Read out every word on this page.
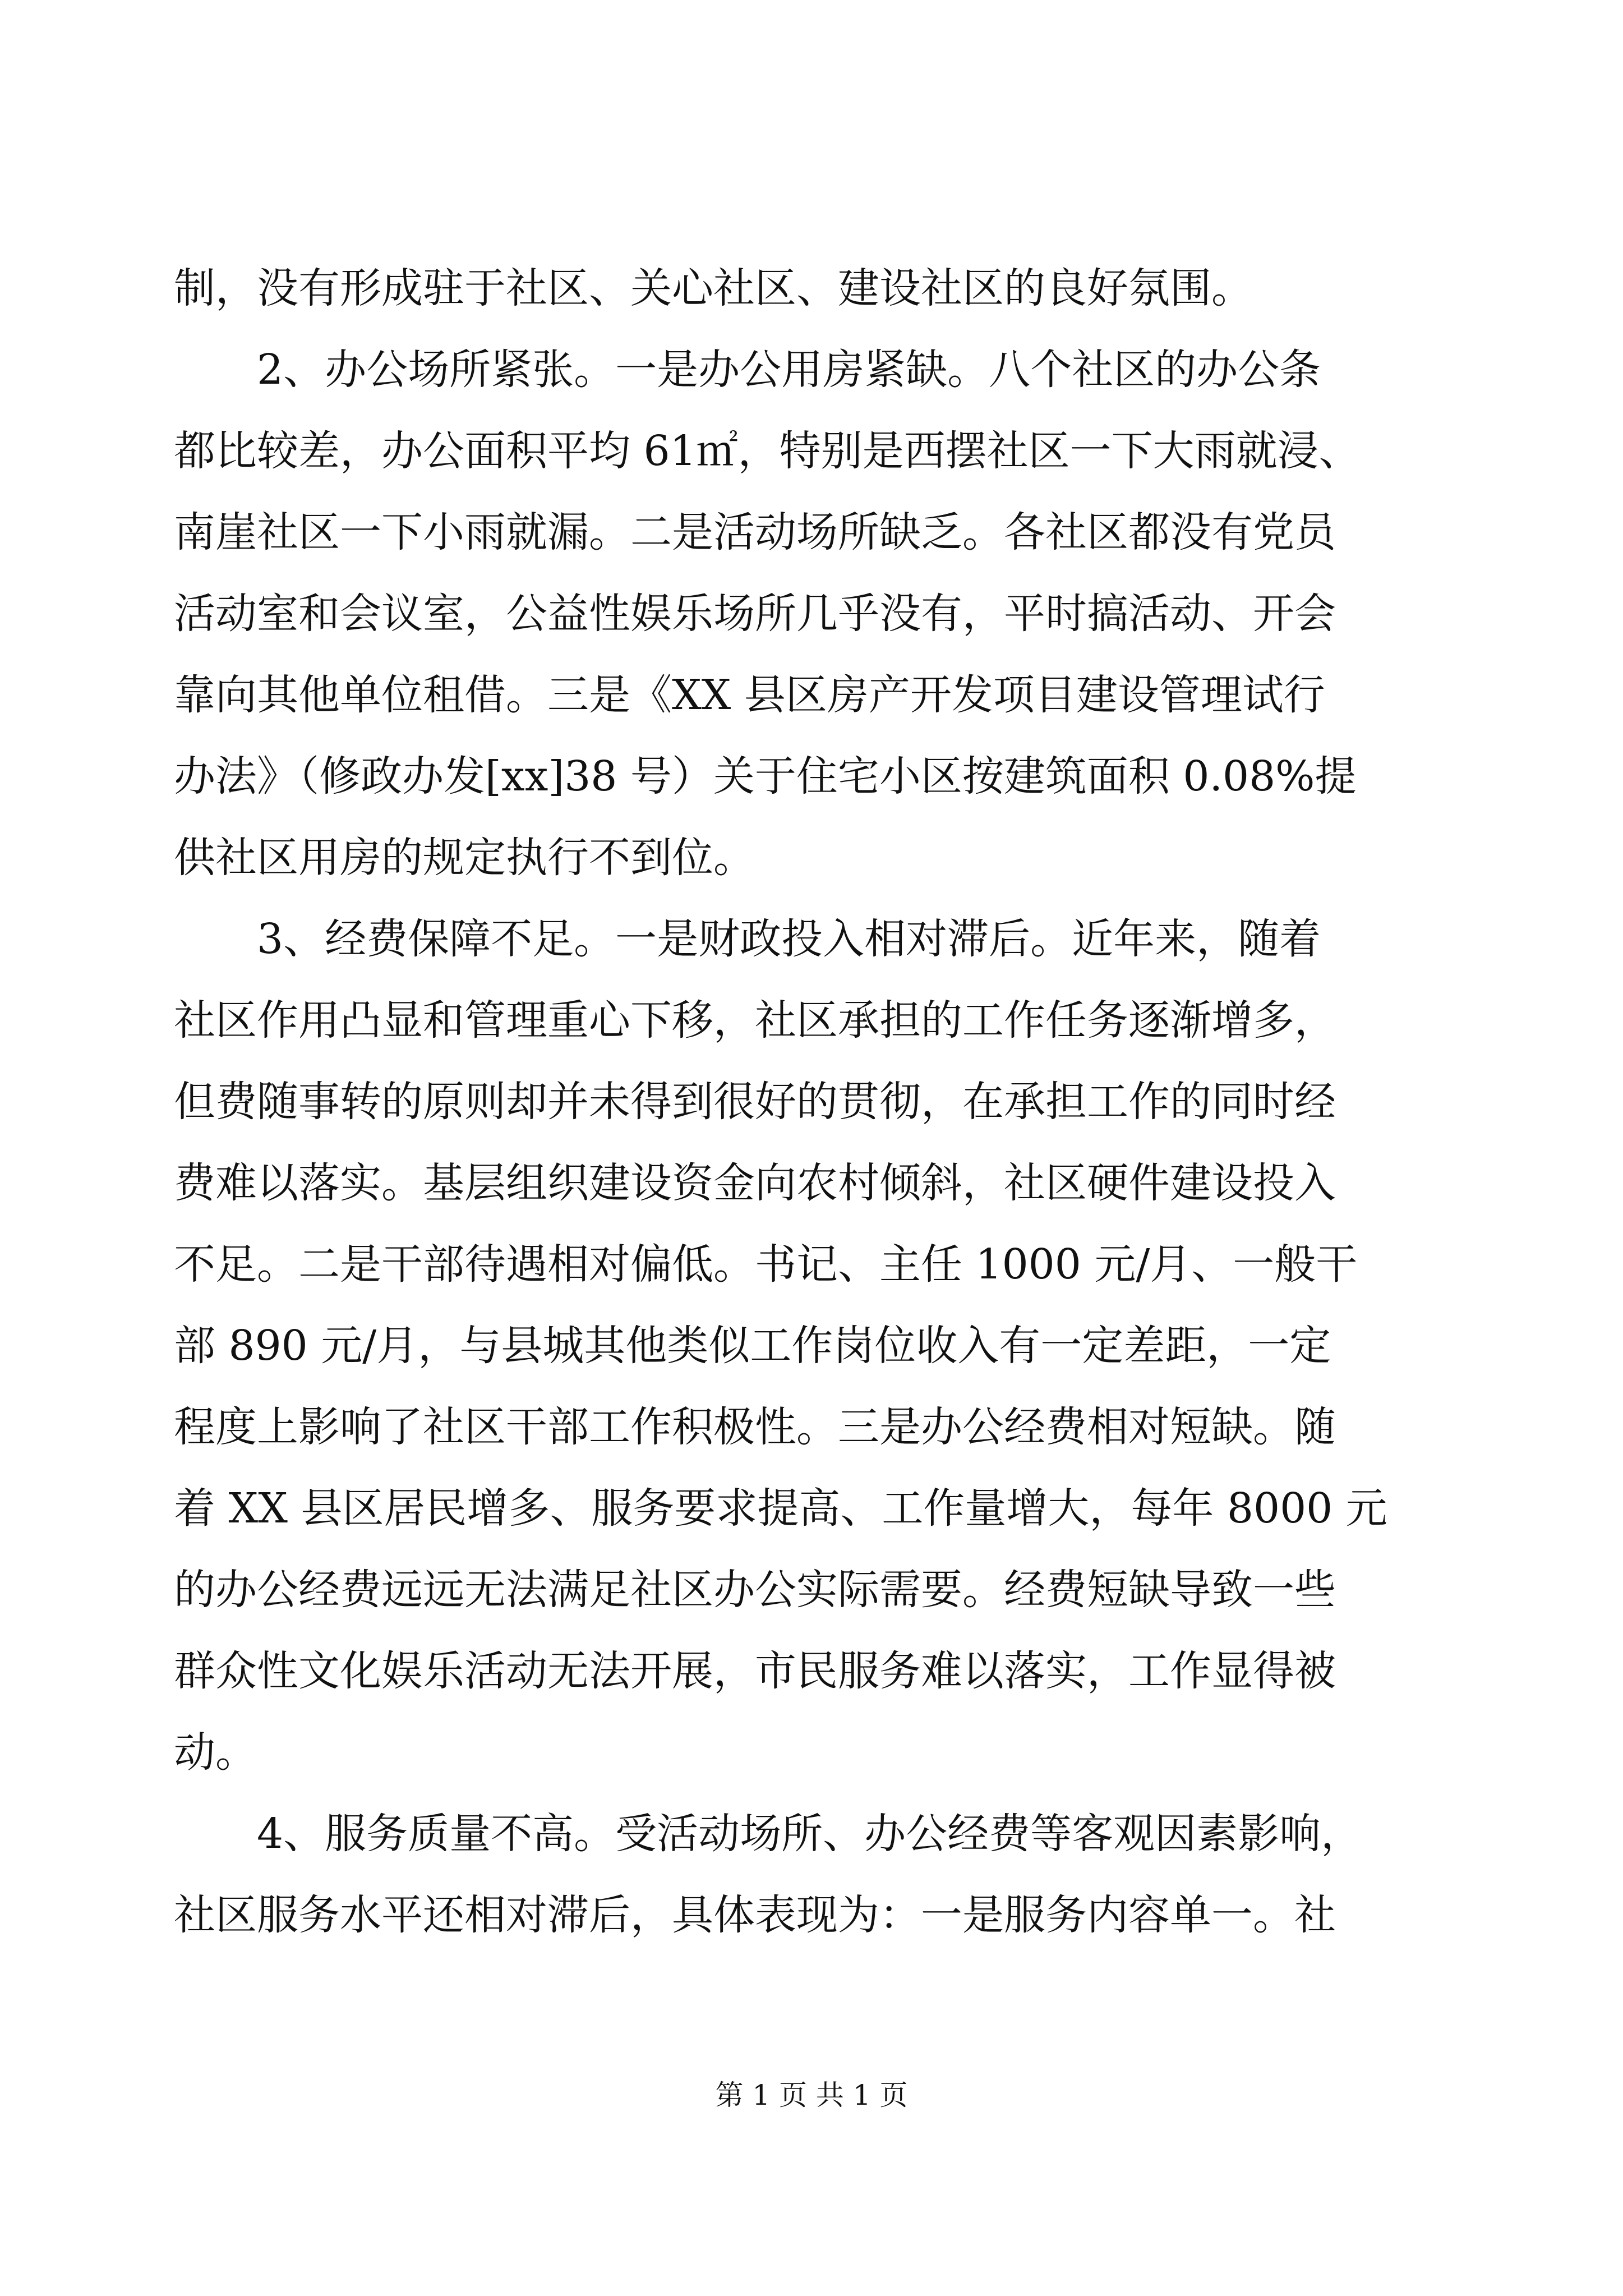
制，没有形成驻于社区、关心社区、建设社区的良好氛围。
2、办公场所紧张。一是办公用房紧缺。八个社区的办公条
都比较差，办公面积平均 61㎡，特别是西摆社区一下大雨就浸、
南崖社区一下小雨就漏。二是活动场所缺乏。各社区都没有党员
活动室和会议室，公益性娱乐场所几乎没有，平时搞活动、开会
靠向其他单位租借。三是《XX 县区房产开发项目建设管理试行
办法》（修政办发[xx]38 号）关于住宅小区按建筑面积 0.08%提
供社区用房的规定执行不到位。
3、经费保障不足。一是财政投入相对滞后。近年来，随着
社区作用凸显和管理重心下移，社区承担的工作任务逐渐增多，
但费随事转的原则却并未得到很好的贯彻，在承担工作的同时经
费难以落实。基层组织建设资金向农村倾斜，社区硬件建设投入
不足。二是干部待遇相对偏低。书记、主任 1000 元/月、一般干
部 890 元/月，与县城其他类似工作岗位收入有一定差距，一定
程度上影响了社区干部工作积极性。三是办公经费相对短缺。随
着 XX 县区居民增多、服务要求提高、工作量增大，每年 8000 元
的办公经费远远无法满足社区办公实际需要。经费短缺导致一些
群众性文化娱乐活动无法开展，市民服务难以落实，工作显得被
动。
4、服务质量不高。受活动场所、办公经费等客观因素影响，
社区服务水平还相对滞后，具体表现为：一是服务内容单一。社
第 1 页 共 1 页
